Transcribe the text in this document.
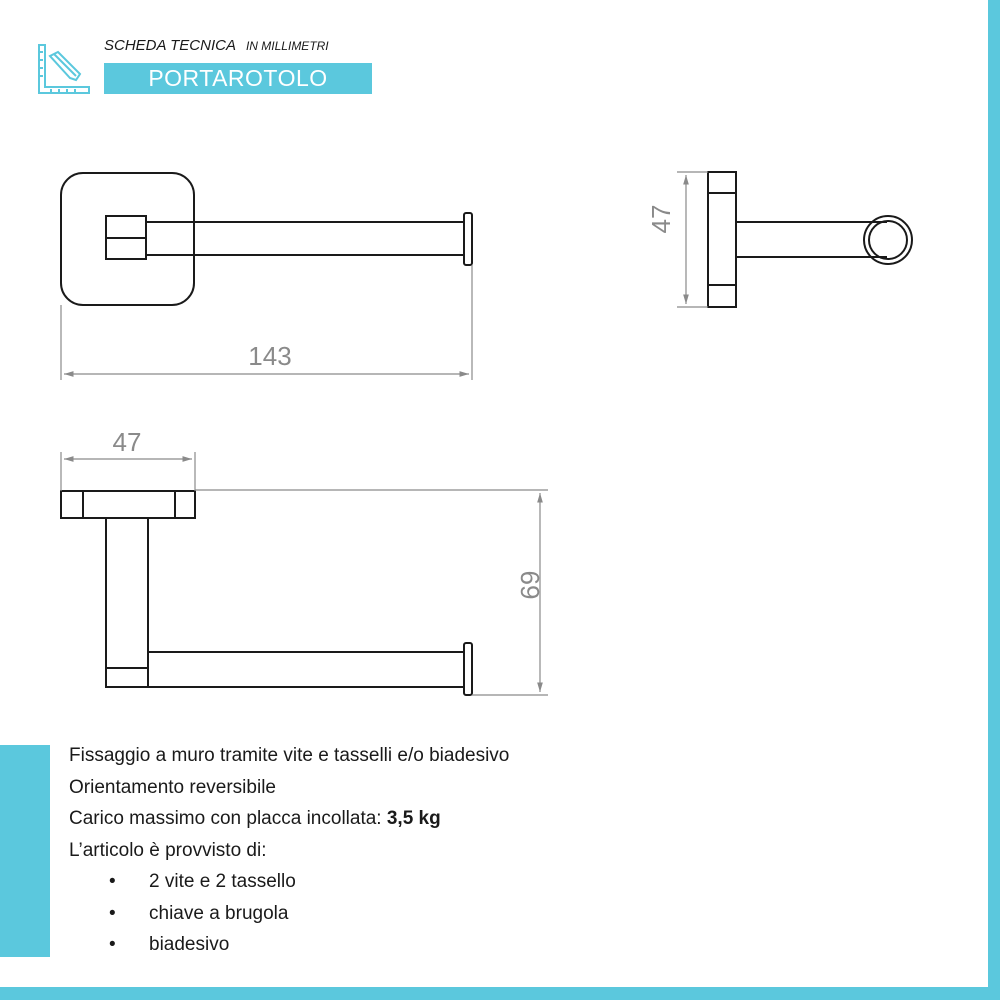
SCHEDA TECNICA IN MILLIMETRI
PORTAROTOLO
143
47
47
69
Fissaggio a muro tramite vite e tasselli e/o biadesivo
Orientamento reversibile
Carico massimo con placca incollata: 3,5 kg
L’articolo è provvisto di:
• 2 vite e 2 tassello
• chiave a brugola
• biadesivo
